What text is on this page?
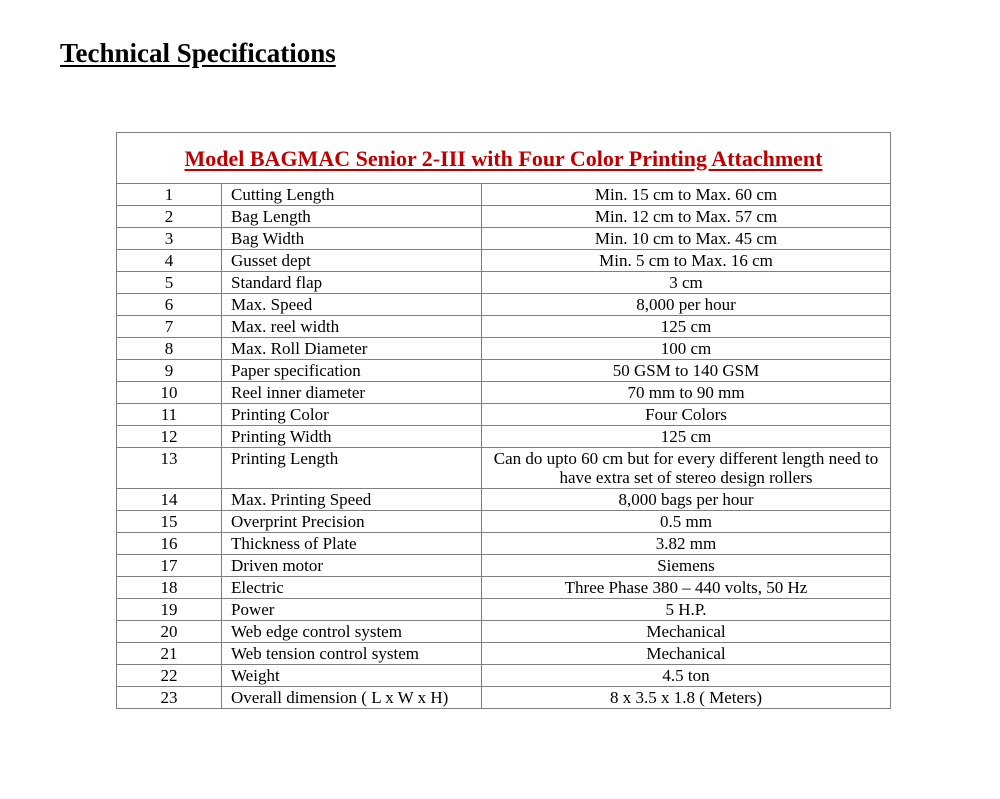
Technical Specifications
Model BAGMAC Senior 2-III with Four Color Printing Attachment		
1	Cutting Length	Min. 15 cm to Max. 60 cm
2	Bag Length	Min. 12 cm to Max. 57 cm
3	Bag Width	Min. 10 cm to Max. 45 cm
4	Gusset dept	Min. 5 cm to Max. 16 cm
5	Standard flap	3 cm
6	Max. Speed	8,000 per hour
7	Max. reel width	125 cm
8	Max. Roll Diameter	100 cm
9	Paper specification	50 GSM to 140 GSM
10	Reel inner diameter	70 mm to 90 mm
11	Printing Color	Four Colors
12	Printing Width	125 cm
13	Printing Length	Can do upto 60 cm but for every different length need to have extra set of stereo design rollers
14	Max. Printing Speed	8,000 bags per hour
15	Overprint Precision	0.5 mm
16	Thickness of Plate	3.82 mm
17	Driven motor	Siemens
18	Electric	Three Phase 380 – 440 volts, 50 Hz
19	Power	5 H.P.
20	Web edge control system	Mechanical
21	Web tension control system	Mechanical
22	Weight	4.5 ton
23	Overall dimension ( L x W x H)	8 x 3.5 x 1.8 ( Meters)
